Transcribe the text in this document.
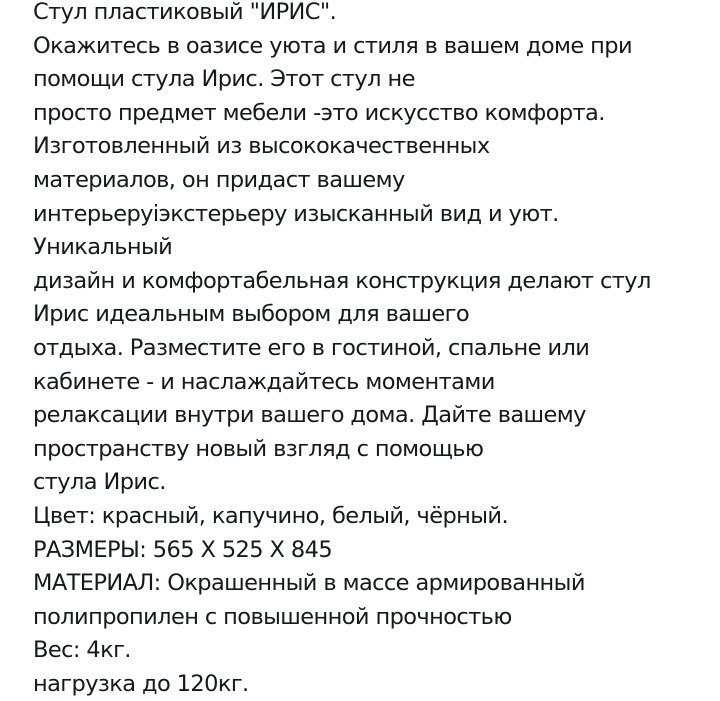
Стул пластиковый "ИРИС".
Окажитесь в оазисе уюта и стиля в вашем доме при
помощи стула Ирис. Этот стул не
просто предмет мебели -это искусство комфорта.
Изготовленный из высококачественных
материалов, он придаст вашему
интерьеруіэкстерьеру изысканный вид и уют.
Уникальный
дизайн и комфортабельная конструкция делают стул
Ирис идеальным выбором для вашего
отдыха. Разместите его в гостиной, спальне или
кабинете - и наслаждайтесь моментами
релаксации внутри вашего дома. Дайте вашему
пространству новый взгляд с помощью
стула Ирис.
Цвет: красный, капучино, белый, чёрный.
РАЗМЕРЫ: 565 Х 525 Х 845
МАТЕРИАЛ: Окрашенный в массе армированный
полипропилен с повышенной прочностью
Вес: 4кг.
нагрузка до 120кг.
